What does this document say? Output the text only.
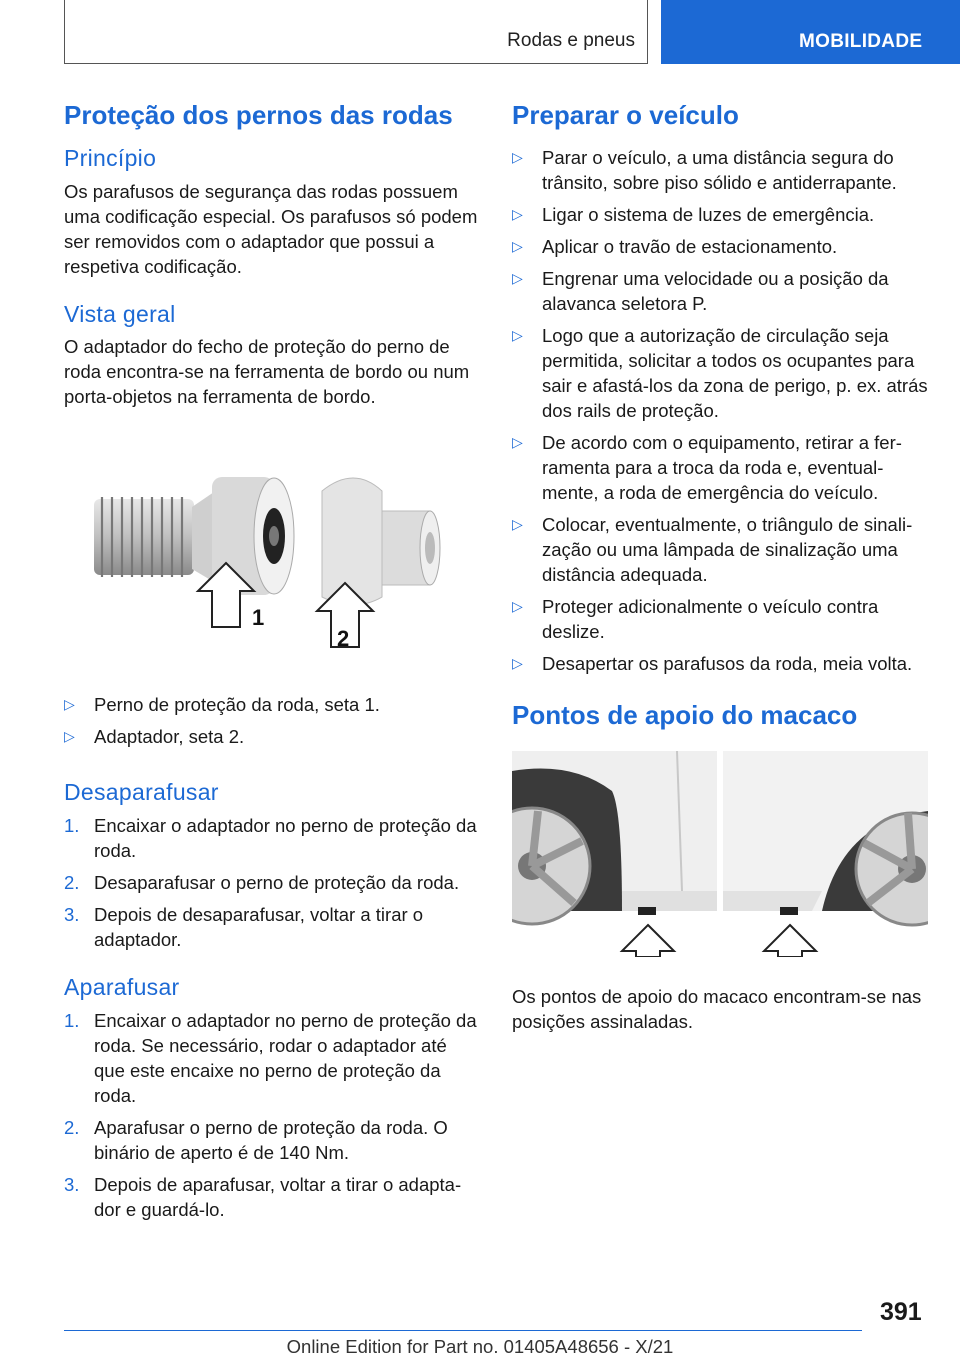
Rodas e pneus	MOBILIDADE
Proteção dos pernos das rodas
Princípio

Os parafusos de segurança das rodas possuem uma codificação especial. Os parafusos só podem ser removidos com o adaptador que possui a respetiva codificação.

Vista geral

O adaptador do fecho de proteção do perno de roda encontra-se na ferramenta de bordo ou num porta-objetos na ferramenta de bordo.

1
2
▷ Perno de proteção da roda, seta 1.
▷ Adaptador, seta 2.
Desaparafusar
1. Encaixar o adaptador no perno de proteção da roda.
2. Desaparafusar o perno de proteção da roda.
3. Depois de desaparafusar, voltar a tirar o adaptador.
Aparafusar
1. Encaixar o adaptador no perno de proteção da roda. Se necessário, rodar o adaptador até que este encaixe no perno de proteção da roda.
2. Aparafusar o perno de proteção da roda. O binário de aperto é de 140 Nm.
3. Depois de aparafusar, voltar a tirar o adaptador e guardá-lo.
Preparar o veículo
▷ Parar o veículo, a uma distância segura do trânsito, sobre piso sólido e antiderrapante.
▷ Ligar o sistema de luzes de emergência.
▷ Aplicar o travão de estacionamento.
▷ Engrenar uma velocidade ou a posição da alavanca seletora P.
▷ Logo que a autorização de circulação seja permitida, solicitar a todos os ocupantes para sair e afastá-los da zona de perigo, p. ex. atrás dos rails de proteção.
▷ De acordo com o equipamento, retirar a ferramenta para a troca da roda e, eventualmente, a roda de emergência do veículo.
▷ Colocar, eventualmente, o triângulo de sinalização ou uma lâmpada de sinalização uma distância adequada.
▷ Proteger adicionalmente o veículo contra deslize.
▷ Desapertar os parafusos da roda, meia volta.
Pontos de apoio do macaco

Os pontos de apoio do macaco encontram-se nas posições assinaladas.

391
Online Edition for Part no. 01405A48656 - X/21
